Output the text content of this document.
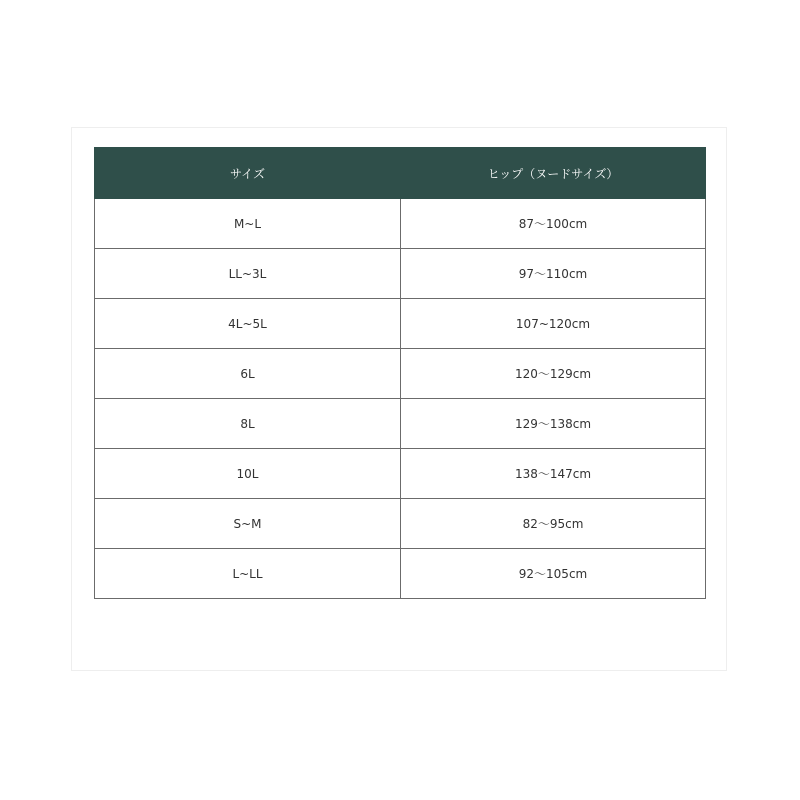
サイズ	ヒップ（ヌードサイズ）
M~L	87～100cm
LL~3L	97～110cm
4L~5L	107~120cm
6L	120～129cm
8L	129～138cm
10L	138～147cm
S~M	82～95cm
L~LL	92～105cm
